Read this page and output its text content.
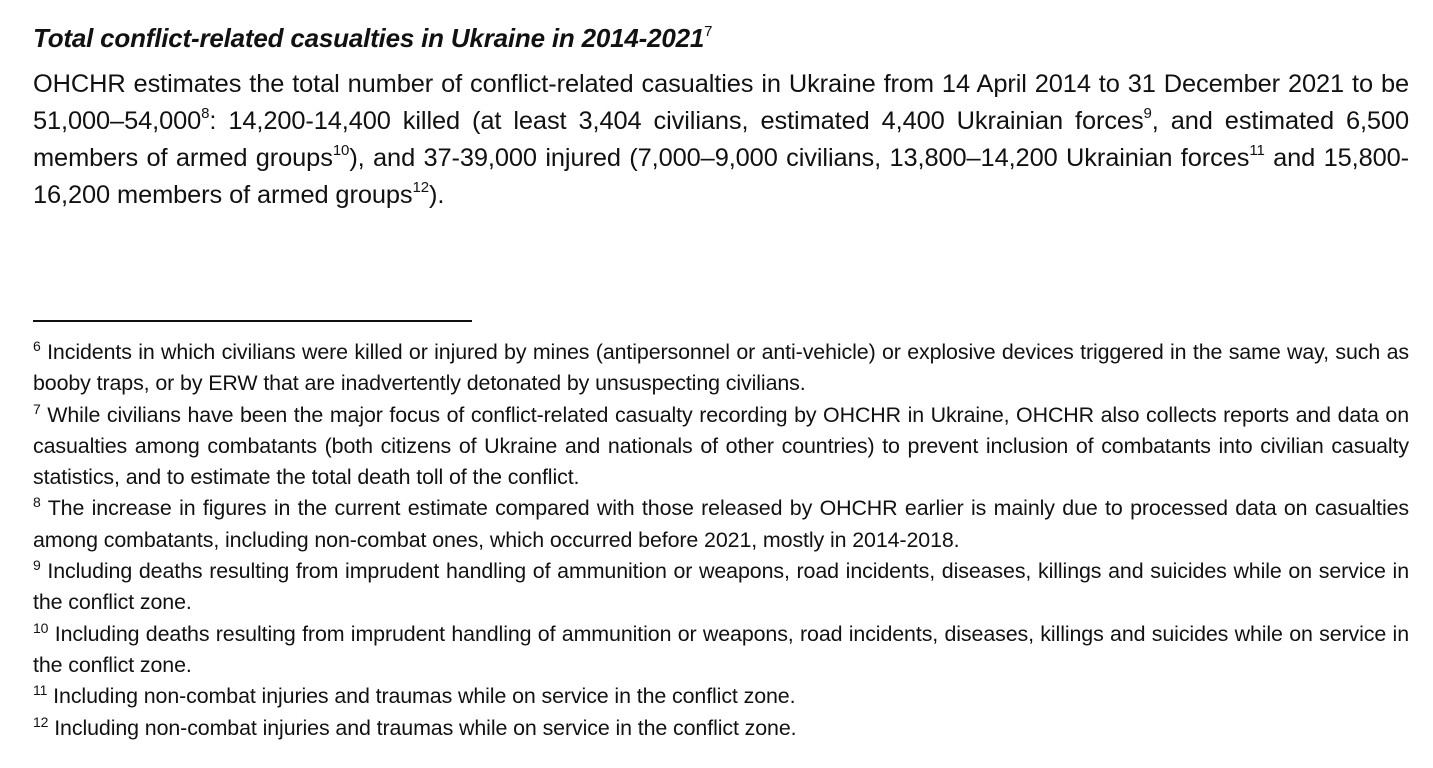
Total conflict-related casualties in Ukraine in 2014-2021$^7$

OHCHR estimates the total number of conflict-related casualties in Ukraine from 14 April 2014 to 31 December 2021 to be 51,000–54,000$^8$: 14,200-14,400 killed (at least 3,404 civilians, estimated 4,400 Ukrainian forces$^9$, and estimated 6,500 members of armed groups$^{10}$), and 37-39,000 injured (7,000–9,000 civilians, 13,800–14,200 Ukrainian forces$^{11}$ and 15,800-16,200 members of armed groups$^{12}$).

$^6$ Incidents in which civilians were killed or injured by mines (antipersonnel or anti-vehicle) or explosive devices triggered in the same way, such as booby traps, or by ERW that are inadvertently detonated by unsuspecting civilians.

$^7$ While civilians have been the major focus of conflict-related casualty recording by OHCHR in Ukraine, OHCHR also collects reports and data on casualties among combatants (both citizens of Ukraine and nationals of other countries) to prevent inclusion of combatants into civilian casualty statistics, and to estimate the total death toll of the conflict.

$^8$ The increase in figures in the current estimate compared with those released by OHCHR earlier is mainly due to processed data on casualties among combatants, including non-combat ones, which occurred before 2021, mostly in 2014-2018.

$^9$ Including deaths resulting from imprudent handling of ammunition or weapons, road incidents, diseases, killings and suicides while on service in the conflict zone.

$^{10}$ Including deaths resulting from imprudent handling of ammunition or weapons, road incidents, diseases, killings and suicides while on service in the conflict zone.

$^{11}$ Including non-combat injuries and traumas while on service in the conflict zone.

$^{12}$ Including non-combat injuries and traumas while on service in the conflict zone.
